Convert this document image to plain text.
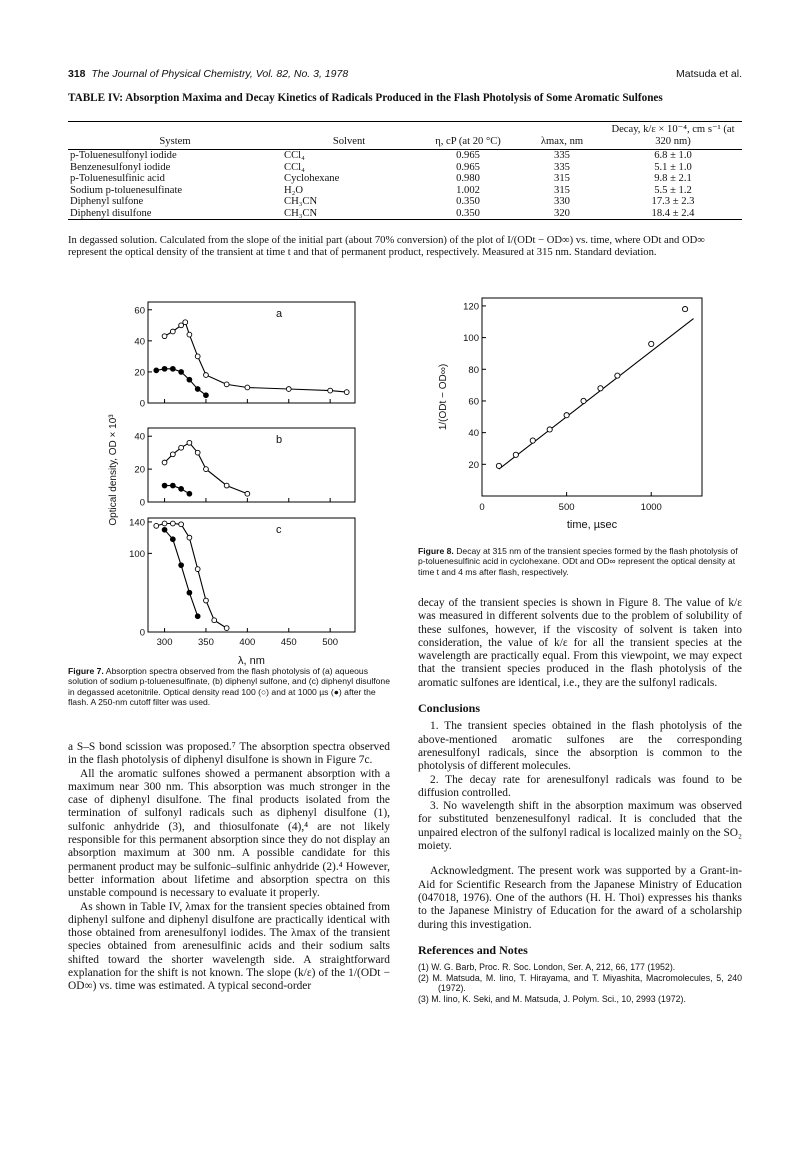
318 The Journal of Physical Chemistry, Vol. 82, No. 3, 1978	Matsuda et al.
TABLE IV: Absorption Maxima and Decay Kinetics of Radicals Produced in the Flash Photolysis of Some Aromatic Sulfones
System	Solvent	η, cP (at 20 °C)	λmax, nm	Decay, k/ε × 10⁻⁴, cm s⁻¹ (at 320 nm)
p-Toluenesulfonyl iodide	CCl₄	0.965	335	6.8 ± 1.0
Benzenesulfonyl iodide	CCl₄	0.965	335	5.1 ± 1.0
p-Toluenesulfinic acid	Cyclohexane	0.980	315	9.8 ± 2.1
Sodium p-toluenesulfinate	H₂O	1.002	315	5.5 ± 1.2
Diphenyl sulfone	CH₃CN	0.350	330	17.3 ± 2.3
Diphenyl disulfone	CH₃CN	0.350	320	18.4 ± 2.4
In degassed solution. Calculated from the slope of the initial part (about 70% conversion) of the plot of I/(ODt − OD∞) vs. time, where ODt and OD∞ represent the optical density of the transient at time t and that of permanent product, respectively. Measured at 315 nm. Standard deviation.
0
20
40
60	a
0
20
40	b
0
100
140
c
300	350	400	450	500
λ, nm
Optical density, OD × 10³
Figure 7. Absorption spectra observed from the flash photolysis of (a) aqueous solution of sodium p-toluenesulfinate, (b) diphenyl sulfone, and (c) diphenyl disulfone in degassed acetonitrile. Optical density read 100 (○) and at 1000 µs (●) after the flash. A 250-nm cutoff filter was used.
20
40
60
80
100
120
0	500	1000
time, µsec
1/(ODt − OD∞)
Figure 8. Decay at 315 nm of the transient species formed by the flash photolysis of p-toluenesulfinic acid in cyclohexane. ODt and OD∞ represent the optical density at time t and 4 ms after flash, respectively.

a S–S bond scission was proposed.⁷ The absorption spectra observed in the flash photolysis of diphenyl disulfone is shown in Figure 7c.

All the aromatic sulfones showed a permanent absorption with a maximum near 300 nm. This absorption was much stronger in the case of diphenyl disulfone. The final products isolated from the termination of sulfonyl radicals such as diphenyl disulfone (1), sulfonic anhydride (3), and thiosulfonate (4),⁴ are not likely responsible for this permanent absorption since they do not display an absorption maximum at 300 nm. A possible candidate for this permanent product may be sulfonic–sulfinic anhydride (2).⁴ However, better information about lifetime and absorption spectra on this unstable compound is necessary to evaluate it properly.

As shown in Table IV, λmax for the transient species obtained from diphenyl sulfone and diphenyl disulfone are practically identical with those obtained from arenesulfonyl iodides. The λmax of the transient species obtained from arenesulfinic acids and their sodium salts shifted toward the shorter wavelength side. A straightforward explanation for the shift is not known. The slope (k/ε) of the 1/(ODt − OD∞) vs. time was estimated. A typical second-order

decay of the transient species is shown in Figure 8. The value of k/ε was measured in different solvents due to the problem of solubility of these sulfones, however, if the viscosity of solvent is taken into consideration, the value of k/ε for all the transient species at the wavelength are practically equal. From this viewpoint, we may expect that the transient species produced in the flash photolysis of the aromatic sulfones are identical, i.e., they are the sulfonyl radicals.

Conclusions

1. The transient species obtained in the flash photolysis of the above-mentioned aromatic sulfones are the corresponding arenesulfonyl radicals, since the absorption is common to the photolysis of different molecules.

2. The decay rate for arenesulfonyl radicals was found to be diffusion controlled.

3. No wavelength shift in the absorption maximum was observed for substituted benzenesulfonyl radical. It is concluded that the unpaired electron of the sulfonyl radical is localized mainly on the SO₂ moiety.

Acknowledgment. The present work was supported by a Grant-in-Aid for Scientific Research from the Japanese Ministry of Education (047018, 1976). One of the authors (H. H. Thoi) expresses his thanks to the Japanese Ministry of Education for the award of a scholarship during this investigation.

References and Notes
(1) W. G. Barb, Proc. R. Soc. London, Ser. A, 212, 66, 177 (1952).
(2) M. Matsuda, M. Iino, T. Hirayama, and T. Miyashita, Macromolecules, 5, 240 (1972).
(3) M. Iino, K. Seki, and M. Matsuda, J. Polym. Sci., 10, 2993 (1972).
